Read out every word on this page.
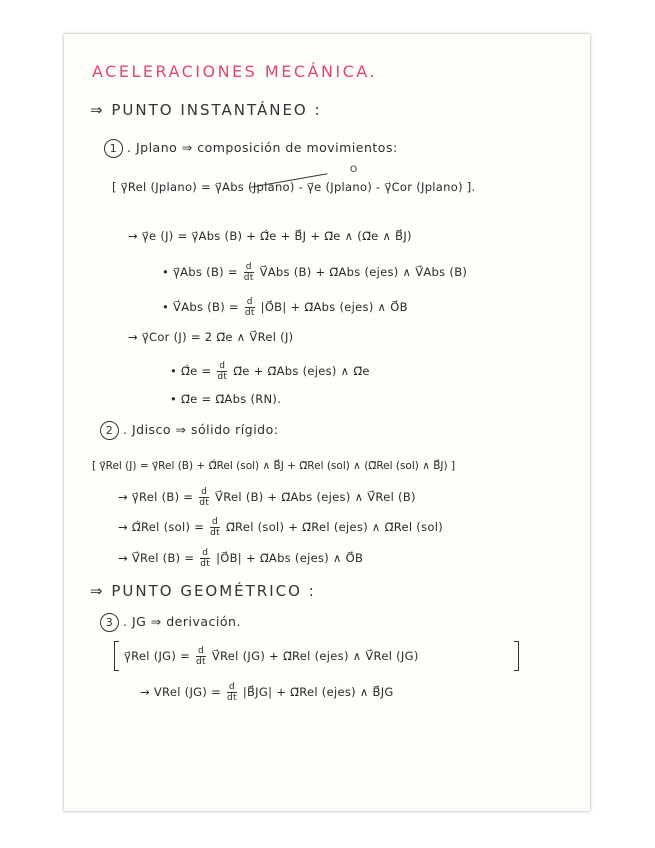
ACELERACIONES MECÁNICA.
⇒ PUNTO INSTANTÁNEO :
1 . Jplano ⇒ composición de movimientos:
O
[ γ⃗Rel (Jplano) = γ⃗Abs (Jplano) - γ⃗e (Jplano) - γ⃗Cor (Jplano) ].
→ γ⃗e (J) = γ⃗Abs (B) + Ω⃗̇e + B⃗J + Ω⃗e ∧ (Ω⃗e ∧ B⃗J)
• γ⃗Abs $(B) = \frac{d}{dt}$ V⃗Abs (B) + Ω⃗Abs (ejes) ∧ V⃗Abs (B)
• V⃗Abs $(B) = \frac{d}{dt}$ |O⃗B| + Ω⃗Abs (ejes) ∧ O⃗B
→ γ⃗Cor (J) = 2 Ω⃗e ∧ V⃗Rel (J)
• Ω⃗̇e = $\frac{d}{dt}$ Ω⃗e + Ω⃗Abs (ejes) ∧ Ω⃗e
• Ω⃗e = Ω⃗Abs (RN).
2 . Jdisco ⇒ sólido rígido:
[ γ⃗Rel (J) = γ⃗Rel (B) + Ω⃗̇Rel (sol) ∧ B⃗J + Ω⃗Rel (sol) ∧ (Ω⃗Rel (sol) ∧ B⃗J) ]
→ γ⃗Rel $(B) = \frac{d}{dt}$ V⃗Rel (B) + Ω⃗Abs (ejes) ∧ V⃗Rel (B)
→ Ω⃗̇Rel $(sol) = \frac{d}{dt}$ Ω⃗Rel (sol) + Ω⃗Rel (ejes) ∧ Ω⃗Rel (sol)
→ V⃗Rel $(B) = \frac{d}{dt}$ |O⃗B| + Ω⃗Abs (ejes) ∧ O⃗B
⇒ PUNTO GEOMÉTRICO :
3 . JG ⇒ derivación.
γ⃗Rel $(JG) = \frac{d}{dt}$ V⃗Rel (JG) + Ω⃗Rel (ejes) ∧ V⃗Rel (JG)
→ VRel $(JG) = \frac{d}{dt}$ |B⃗JG| + Ω⃗Rel (ejes) ∧ B⃗JG
